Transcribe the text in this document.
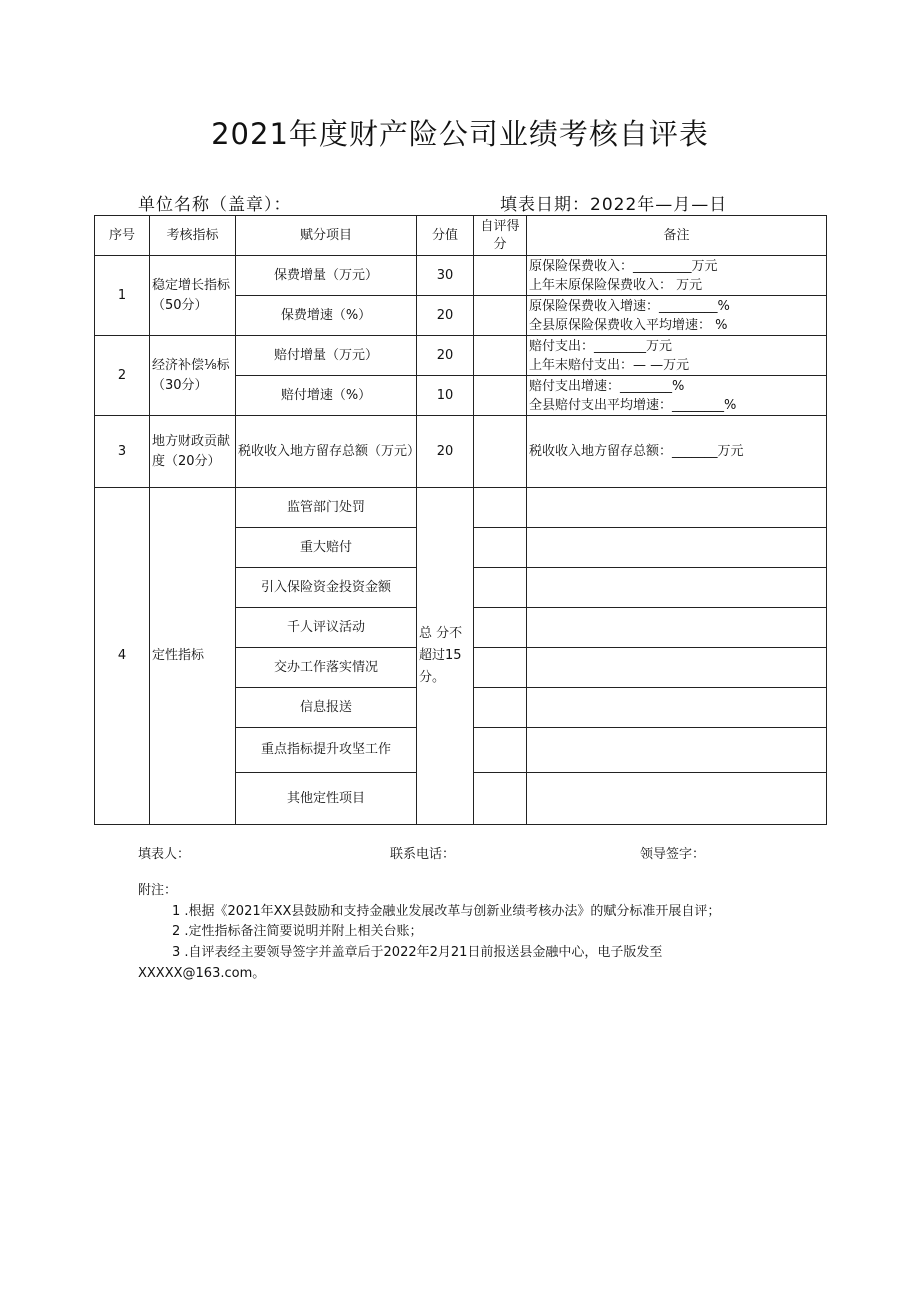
2021年度财产险公司业绩考核自评表
单位名称（盖章）：	填表日期：2022年—月—日
序号	考核指标	赋分项目	分值	自评得分	备注
1	稳定增长指标（50分）	保费增量（万元）	30		原保险保费收入：_________万元
上年末原保险保费收入： 万元

		保费增速（%）	20		原保险保费收入增速：_________%
全县原保险保费收入平均增速： %

2	经济补偿⅛标（30分）	赔付增量（万元）	20		赔付支出：________万元
上年末赔付支出：— —万元

		赔付增速（%）	10		赔付支出增速：________%
全县赔付支出平均增速：________%

3	地方财政贡献度（20分）	税收收入地方留存总额（万元）	20		税收收入地方留存总额：_______万元
4	定性指标	监管部门处罚	总 分不超过15分。		
		重大赔付			
		引入保险资金投资金额			
		千人评议活动			
		交办工作落实情况			
		信息报送			
		重点指标提升攻坚工作			
		其他定性项目			
填表人：	联系电话：	领导签字：
附注：
1 .根据《2021年XX县鼓励和支持金融业发展改革与创新业绩考核办法》的赋分标准开展自评；
2 .定性指标备注简要说明并附上相关台账；
3 .自评表经主要领导签字并盖章后于2022年2月21日前报送县金融中心，电子版发至
XXXXX@163.com。
